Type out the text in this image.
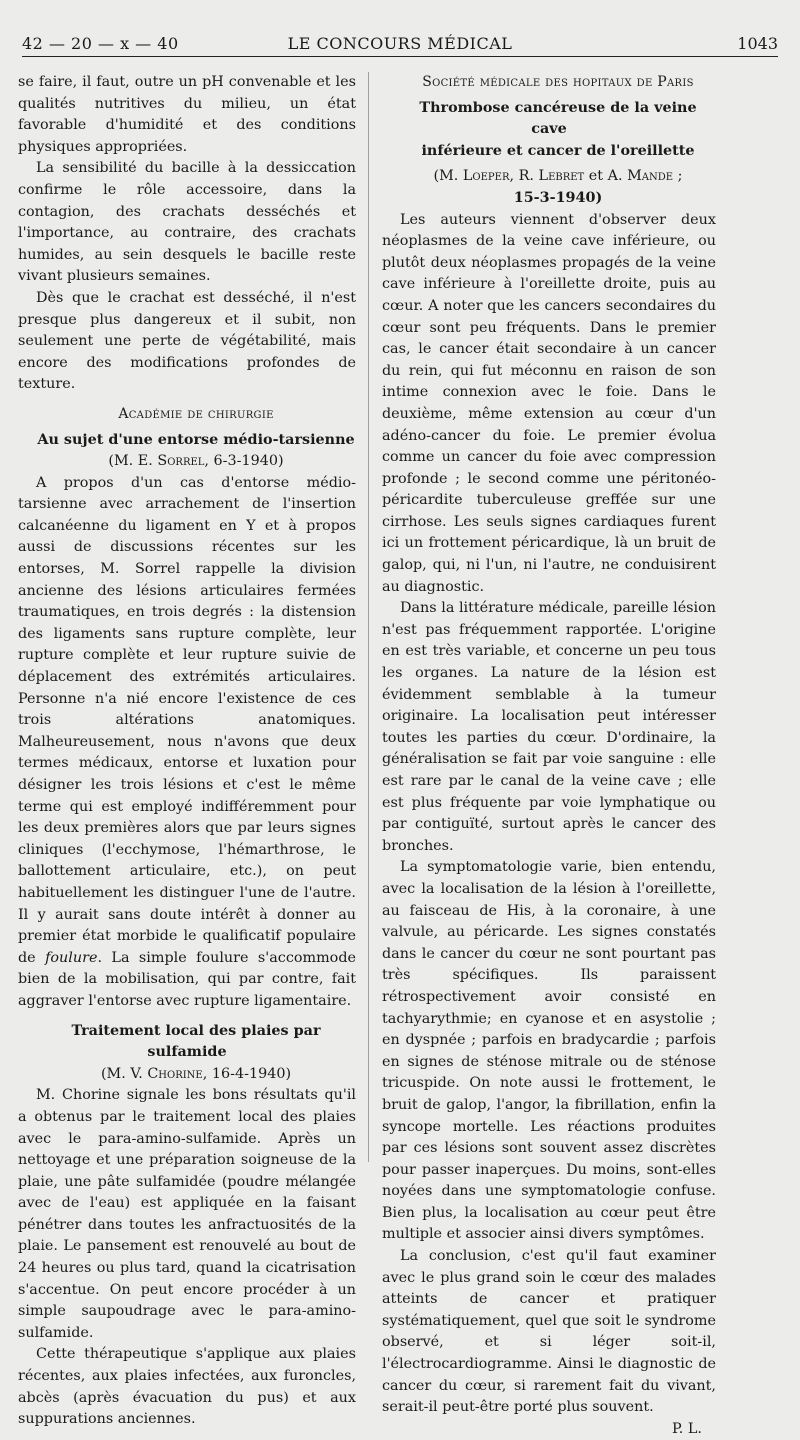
42 — 20 — x — 40	LE CONCOURS MÉDICAL	1043

se faire, il faut, outre un pH convenable et les qualités nutritives du milieu, un état favorable d'humidité et des conditions physiques appropriées.

La sensibilité du bacille à la dessiccation confirme le rôle accessoire, dans la contagion, des crachats desséchés et l'importance, au contraire, des crachats humides, au sein desquels le bacille reste vivant plusieurs semaines.

Dès que le crachat est desséché, il n'est presque plus dangereux et il subit, non seulement une perte de végétabilité, mais encore des modifications profondes de texture.

Académie de chirurgie

Au sujet d'une entorse médio-tarsienne

(M. E. Sorrel, 6-3-1940)

A propos d'un cas d'entorse médio-tarsienne avec arrachement de l'insertion calcanéenne du ligament en Y et à propos aussi de discussions récentes sur les entorses, M. Sorrel rappelle la division ancienne des lésions articulaires fermées traumatiques, en trois degrés : la distension des ligaments sans rupture complète, leur rupture complète et leur rupture suivie de déplacement des extrémités articulaires. Personne n'a nié encore l'existence de ces trois altérations anatomiques. Malheureusement, nous n'avons que deux termes médicaux, entorse et luxation pour désigner les trois lésions et c'est le même terme qui est employé indifféremment pour les deux premières alors que par leurs signes cliniques (l'ecchymose, l'hémarthrose, le ballottement articulaire, etc.), on peut habituellement les distinguer l'une de l'autre. Il y aurait sans doute intérêt à donner au premier état morbide le qualificatif populaire de foulure. La simple foulure s'accommode bien de la mobilisation, qui par contre, fait aggraver l'entorse avec rupture ligamentaire.

Traitement local des plaies par sulfamide

(M. V. Chorine, 16-4-1940)

M. Chorine signale les bons résultats qu'il a obtenus par le traitement local des plaies avec le para-amino-sulfamide. Après un nettoyage et une préparation soigneuse de la plaie, une pâte sulfamidée (poudre mélangée avec de l'eau) est appliquée en la faisant pénétrer dans toutes les anfractuosités de la plaie. Le pansement est renouvelé au bout de 24 heures ou plus tard, quand la cicatrisation s'accentue. On peut encore procéder à un simple saupoudrage avec le para-amino-sulfamide.

Cette thérapeutique s'applique aux plaies récentes, aux plaies infectées, aux furoncles, abcès (après évacuation du pus) et aux suppurations anciennes.

Société médicale des hopitaux de Paris

Thrombose cancéreuse de la veine cave

inférieure et cancer de l'oreillette

(M. Loeper, R. Lebret et A. Mande ;

15-3-1940)

Les auteurs viennent d'observer deux néoplasmes de la veine cave inférieure, ou plutôt deux néoplasmes propagés de la veine cave inférieure à l'oreillette droite, puis au cœur. A noter que les cancers secondaires du cœur sont peu fréquents. Dans le premier cas, le cancer était secondaire à un cancer du rein, qui fut méconnu en raison de son intime connexion avec le foie. Dans le deuxième, même extension au cœur d'un adéno-cancer du foie. Le premier évolua comme un cancer du foie avec compression profonde ; le second comme une péritonéo-péricardite tuberculeuse greffée sur une cirrhose. Les seuls signes cardiaques furent ici un frottement péricardique, là un bruit de galop, qui, ni l'un, ni l'autre, ne conduisirent au diagnostic.

Dans la littérature médicale, pareille lésion n'est pas fréquemment rapportée. L'origine en est très variable, et concerne un peu tous les organes. La nature de la lésion est évidemment semblable à la tumeur originaire. La localisation peut intéresser toutes les parties du cœur. D'ordinaire, la généralisation se fait par voie sanguine : elle est rare par le canal de la veine cave ; elle est plus fréquente par voie lymphatique ou par contiguïté, surtout après le cancer des bronches.

La symptomatologie varie, bien entendu, avec la localisation de la lésion à l'oreillette, au faisceau de His, à la coronaire, à une valvule, au péricarde. Les signes constatés dans le cancer du cœur ne sont pourtant pas très spécifiques. Ils paraissent rétrospectivement avoir consisté en tachyarythmie; en cyanose et en asystolie ; en dyspnée ; parfois en bradycardie ; parfois en signes de sténose mitrale ou de sténose tricuspide. On note aussi le frottement, le bruit de galop, l'angor, la fibrillation, enfin la syncope mortelle. Les réactions produites par ces lésions sont souvent assez discrètes pour passer inaperçues. Du moins, sont-elles noyées dans une symptomatologie confuse. Bien plus, la localisation au cœur peut être multiple et associer ainsi divers symptômes.

La conclusion, c'est qu'il faut examiner avec le plus grand soin le cœur des malades atteints de cancer et pratiquer systématiquement, quel que soit le syndrome observé, et si léger soit-il, l'électrocardiogramme. Ainsi le diagnostic de cancer du cœur, si rarement fait du vivant, serait-il peut-être porté plus souvent.

P. L.
